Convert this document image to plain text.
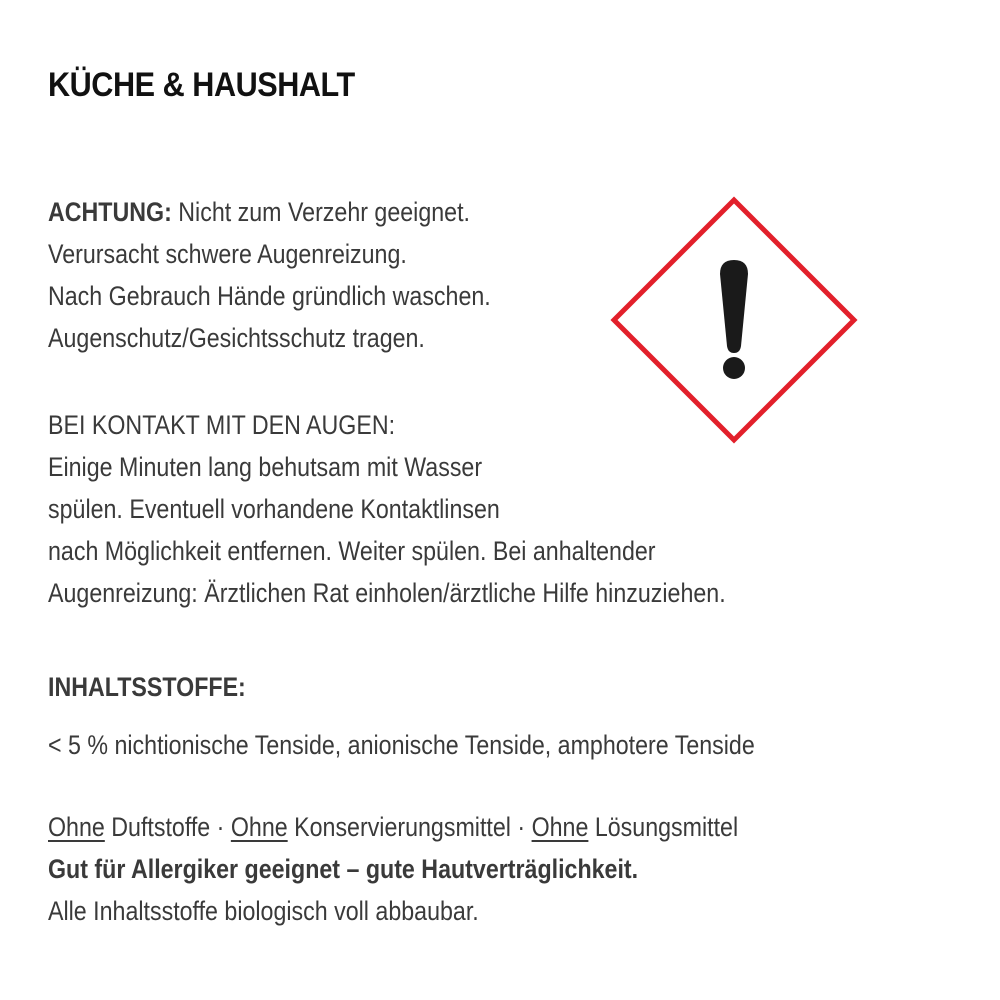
KÜCHE & HAUSHALT
ACHTUNG: Nicht zum Verzehr geeignet.
Verursacht schwere Augenreizung.
Nach Gebrauch Hände gründlich waschen.
Augenschutz/Gesichtsschutz tragen.
BEI KONTAKT MIT DEN AUGEN:
Einige Minuten lang behutsam mit Wasser
spülen. Eventuell vorhandene Kontaktlinsen
nach Möglichkeit entfernen. Weiter spülen. Bei anhaltender
Augenreizung: Ärztlichen Rat einholen/ärztliche Hilfe hinzuziehen.
INHALTSSTOFFE:
< 5 % nichtionische Tenside, anionische Tenside, amphotere Tenside
Ohne Duftstoffe · Ohne Konservierungsmittel · Ohne Lösungsmittel
Gut für Allergiker geeignet – gute Hautverträglichkeit.
Alle Inhaltsstoffe biologisch voll abbaubar.
